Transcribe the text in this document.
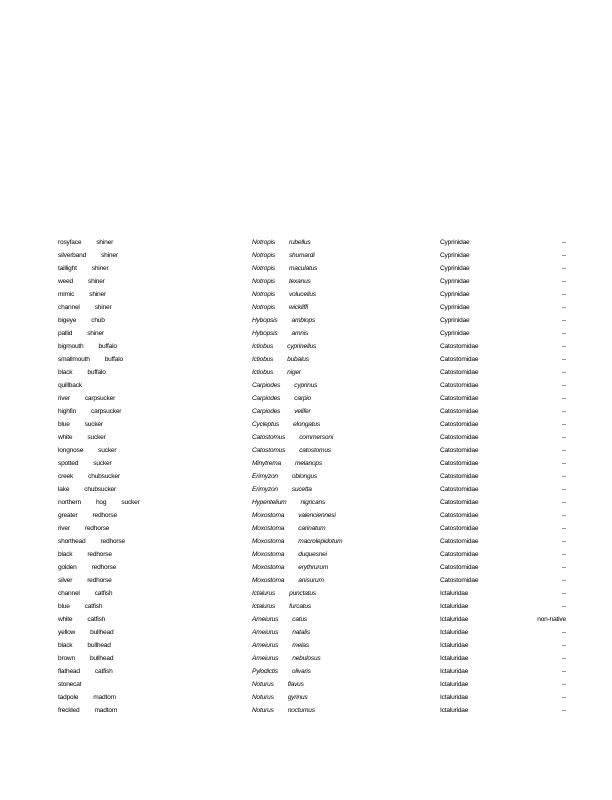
rosyface shiner	Notropis rubellus	Cyprinidae	--
silverband shiner	Notropis shumardi	Cyprinidae	--
taillight shiner	Notropis maculatus	Cyprinidae	--
weed shiner	Notropis texanus	Cyprinidae	--
mimic shiner	Notropis volucellus	Cyprinidae	--
channel shiner	Notropis wickliffi	Cyprinidae	--
bigeye chub	Hybopsis amblops	Cyprinidae	--
pallid shiner	Hybopsis amnis	Cyprinidae	--
bigmouth buffalo	Ictiobus cyprinellus	Catostomidae	--
smallmouth buffalo	Ictiobus bubalus	Catostomidae	--
black buffalo	Ictiobus niger	Catostomidae	--
quillback	Carpiodes cyprinus	Catostomidae	--
river carpsucker	Carpiodes carpio	Catostomidae	--
highfin carpsucker	Carpiodes velifer	Catostomidae	--
blue sucker	Cycleptus elongatus	Catostomidae	--
white sucker	Catostomus commersoni	Catostomidae	--
longnose sucker	Catostomus catostomus	Catostomidae	--
spotted sucker	Minytrema melanops	Catostomidae	--
creek chubsucker	Erimyzon oblongus	Catostomidae	--
lake chubsucker	Erimyzon sucetta	Catostomidae	--
northern hog sucker	Hypentelium nigricans	Catostomidae	--
greater redhorse	Moxostoma valenciennesi	Catostomidae	--
river redhorse	Moxostoma carinatum	Catostomidae	--
shorthead redhorse	Moxostoma macrolepidotum	Catostomidae	--
black redhorse	Moxostoma duquesnei	Catostomidae	--
golden redhorse	Moxostoma erythrurum	Catostomidae	--
silver redhorse	Moxostoma anisurum	Catostomidae	--
channel catfish	Ictalurus punctatus	Ictaluridae	--
blue catfish	Ictalurus furcatus	Ictaluridae	--
white catfish	Ameiurus catus	Ictaluridae	non-native
yellow bullhead	Ameiurus natalis	Ictaluridae	--
black bullhead	Ameiurus melas	Ictaluridae	--
brown bullhead	Ameiurus nebulosus	Ictaluridae	--
flathead catfish	Pylodictis olivaris	Ictaluridae	--
stonecat	Noturus flavus	Ictaluridae	--
tadpole madtom	Noturus gyrinus	Ictaluridae	--
freckled madtom	Noturus nocturnus	Ictaluridae	--
